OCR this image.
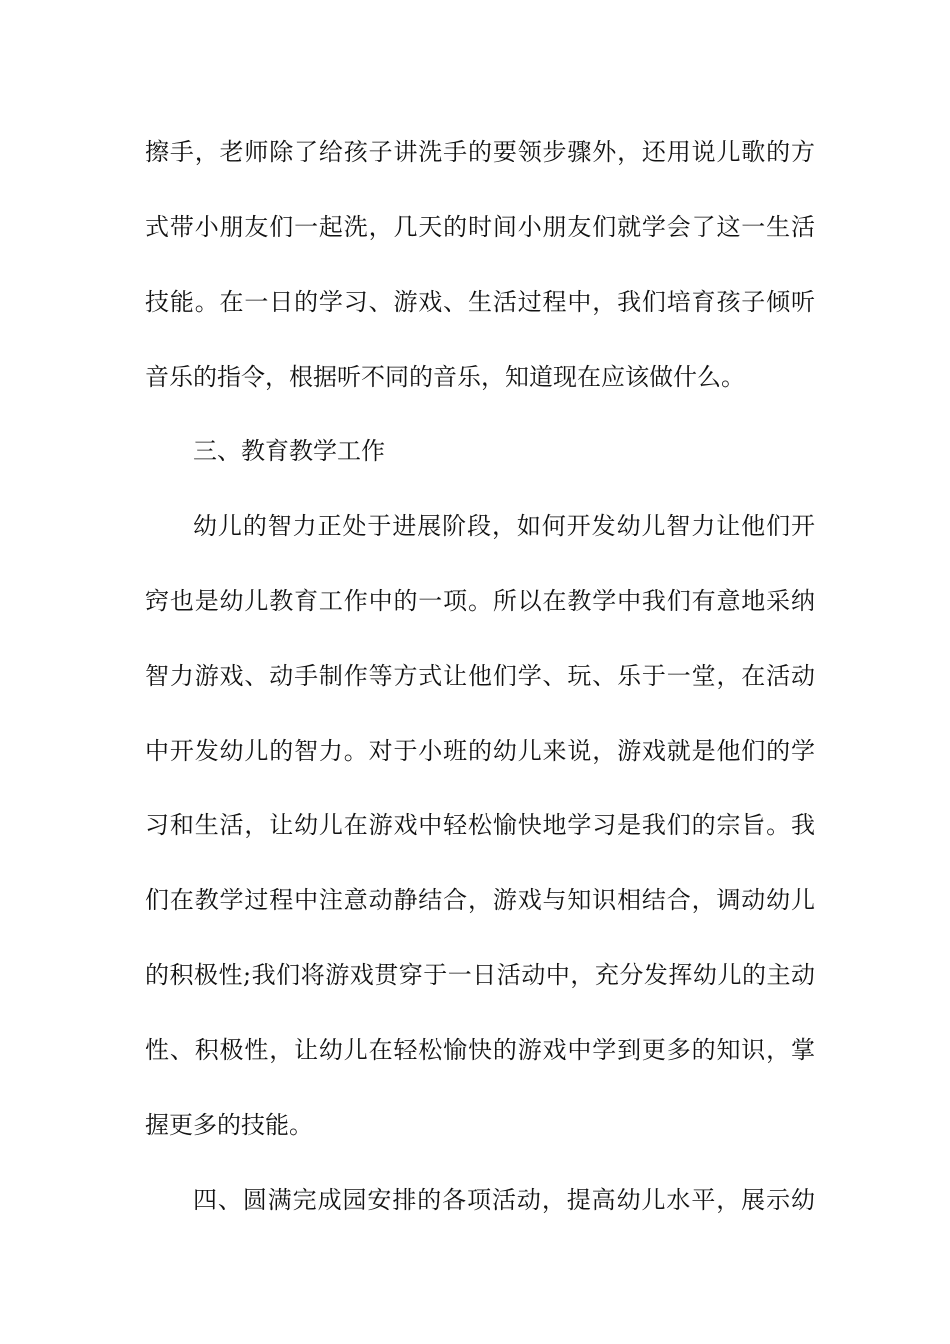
擦手，老师除了给孩子讲洗手的要领步骤外，还用说儿歌的方
式带小朋友们一起洗，几天的时间小朋友们就学会了这一生活
技能。在一日的学习、游戏、生活过程中，我们培育孩子倾听
音乐的指令，根据听不同的音乐，知道现在应该做什么。
三、教育教学工作
幼儿的智力正处于进展阶段，如何开发幼儿智力让他们开
窍也是幼儿教育工作中的一项。所以在教学中我们有意地采纳
智力游戏、动手制作等方式让他们学、玩、乐于一堂，在活动
中开发幼儿的智力。对于小班的幼儿来说，游戏就是他们的学
习和生活，让幼儿在游戏中轻松愉快地学习是我们的宗旨。我
们在教学过程中注意动静结合，游戏与知识相结合，调动幼儿
的积极性;我们将游戏贯穿于一日活动中，充分发挥幼儿的主动
性、积极性，让幼儿在轻松愉快的游戏中学到更多的知识，掌
握更多的技能。
四、圆满完成园安排的各项活动，提高幼儿水平，展示幼
